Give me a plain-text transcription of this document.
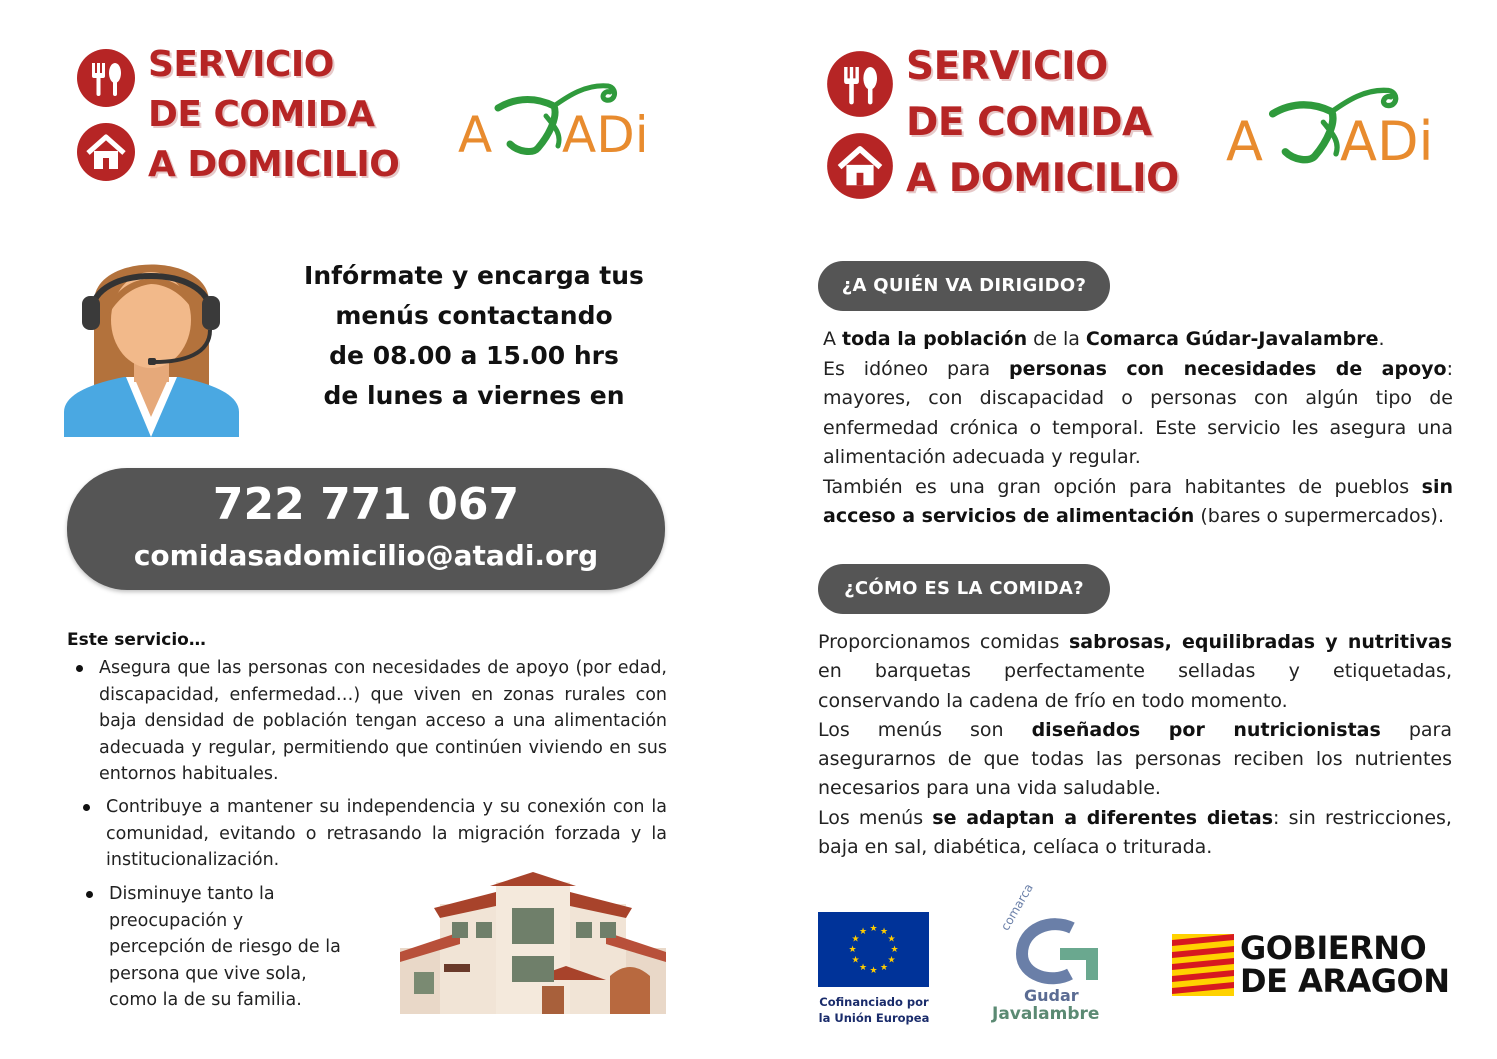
SERVICIO
DE COMIDA
A DOMICILIO
A ADi
Infórmate y encarga tus
menús contactando
de 08.00 a 15.00 hrs
de lunes a viernes en
722 771 067
comidasadomicilio@atadi.org
Este servicio…
Asegura que las personas con necesidades de apoyo (por edad, discapacidad, enfermedad…) que viven en zonas rurales con baja densidad de población tengan acceso a una alimentación adecuada y regular, permitiendo que continúen viviendo en sus entornos habituales.
Contribuye a mantener su independencia y su conexión con la comunidad, evitando o retrasando la migración forzada y la institucionalización.
Disminuye tanto la preocupación y percepción de riesgo de la persona que vive sola, como la de su familia.
SERVICIO
DE COMIDA
A DOMICILIO
A ADi
¿A QUIÉN VA DIRIGIDO?
A toda la población de la Comarca Gúdar-Javalambre.
Es idóneo para personas con necesidades de apoyo:
mayores, con discapacidad o personas con algún tipo de
enfermedad crónica o temporal. Este servicio les asegura una
alimentación adecuada y regular.
También es una gran opción para habitantes de pueblos sin
acceso a servicios de alimentación (bares o supermercados).
¿CÓMO ES LA COMIDA?
Proporcionamos comidas sabrosas, equilibradas y nutritivas
en barquetas perfectamente selladas y etiquetadas,
conservando la cadena de frío en todo momento.
Los menús son diseñados por nutricionistas para
asegurarnos de que todas las personas reciben los nutrientes
necesarios para una vida saludable.
Los menús se adaptan a diferentes dietas: sin restricciones,
baja en sal, diabética, celíaca o triturada.
★ ★
★
★
★
★
★
★
★
★
★
★
Cofinanciado por
la Unión Europea
comarca
Gudar
Javalambre
GOBIERNO
DE ARAGON
